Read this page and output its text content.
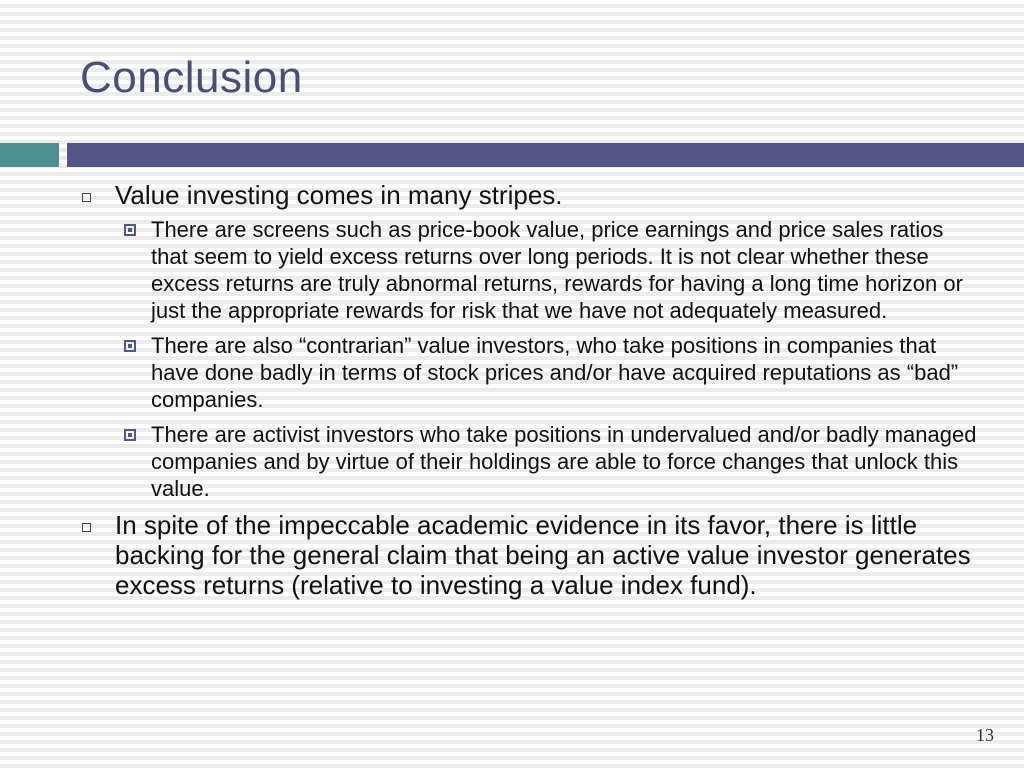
Conclusion
Value investing comes in many stripes.
There are screens such as price-book value, price earnings and price sales ratios that seem to yield excess returns over long periods. It is not clear whether these excess returns are truly abnormal returns, rewards for having a long time horizon or just the appropriate rewards for risk that we have not adequately measured.
There are also “contrarian” value investors, who take positions in companies that have done badly in terms of stock prices and/or have acquired reputations as “bad” companies.
There are activist investors who take positions in undervalued and/or badly managed companies and by virtue of their holdings are able to force changes that unlock this value.
In spite of the impeccable academic evidence in its favor, there is little backing for the general claim that being an active value investor generates excess returns (relative to investing a value index fund).
13
